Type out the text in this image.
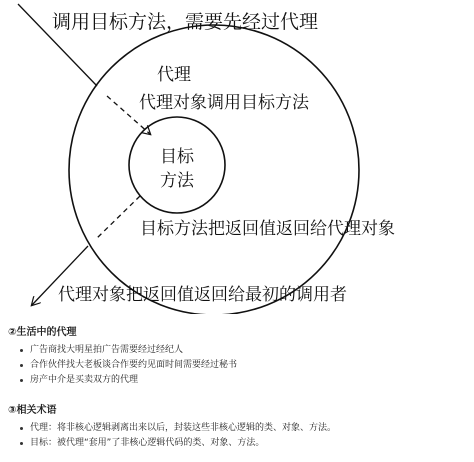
调用目标方法，需要先经过代理
代理
代理对象调用目标方法
目标
方法
目标方法把返回值返回给代理对象
代理对象把返回值返回给最初的调用者
②生活中的代理
广告商找大明星拍广告需要经过经纪人
合作伙伴找大老板谈合作要约见面时间需要经过秘书
房产中介是买卖双方的代理
③相关术语
代理：将非核心逻辑剥离出来以后，封装这些非核心逻辑的类、对象、方法。
目标：被代理“套用”了非核心逻辑代码的类、对象、方法。
